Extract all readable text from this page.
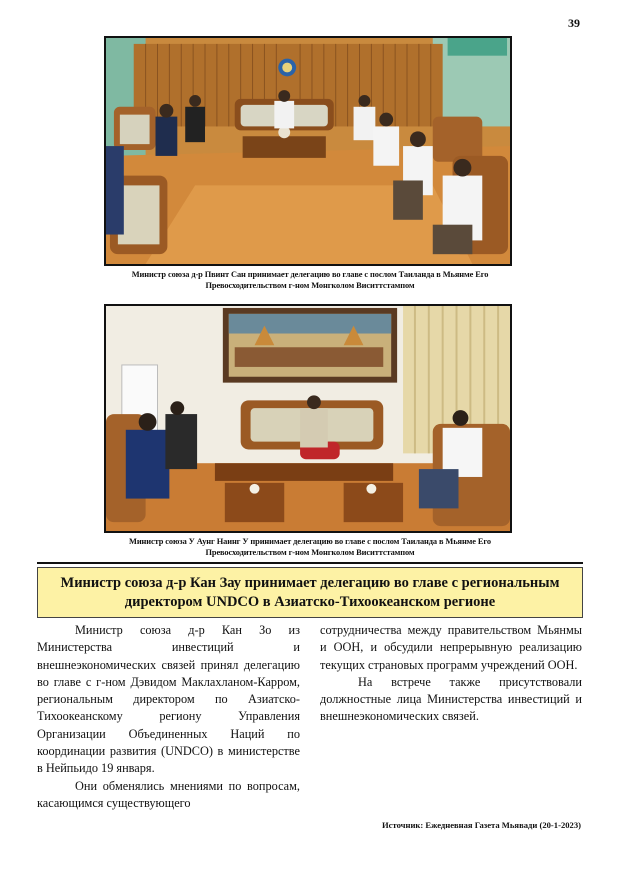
39
Министр союза д-р Пвинт Сан принимает делегацию во главе с послом Таиланда в Мьянме Его
Превосходительством г-ном Монгколом Виситтстампом
Министр союза У Аунг Наинг У принимает делегацию во главе с послом Таиланда в Мьянме Его
Превосходительством г-ном Монгколом Виситтстампом
Министр союза д-р Кан Зау принимает делегацию во главе с региональным
директором UNDCO в Азиатско-Тихоокеанском регионе

Министр союза д-р Кан Зо из Министерства инвестиций и внешнеэкономических связей принял делегацию во главе с г-ном Дэвидом Маклахланом-Карром, региональным директором по Азиатско-Тихоокеанскому региону Управления Организации Объединенных Наций по координации развития (UNDCO) в министерстве в Нейпьидо 19 января.

Они обменялись мнениями по вопросам, касающимся существующего

сотрудничества между правительством Мьянмы и ООН, и обсудили непрерывную реализацию текущих страновых программ учреждений ООН.

На встрече также присутствовали должностные лица Министерства инвестиций и внешнеэкономических связей.

Источник: Ежедневная Газета Мьявади (20-1-2023)
